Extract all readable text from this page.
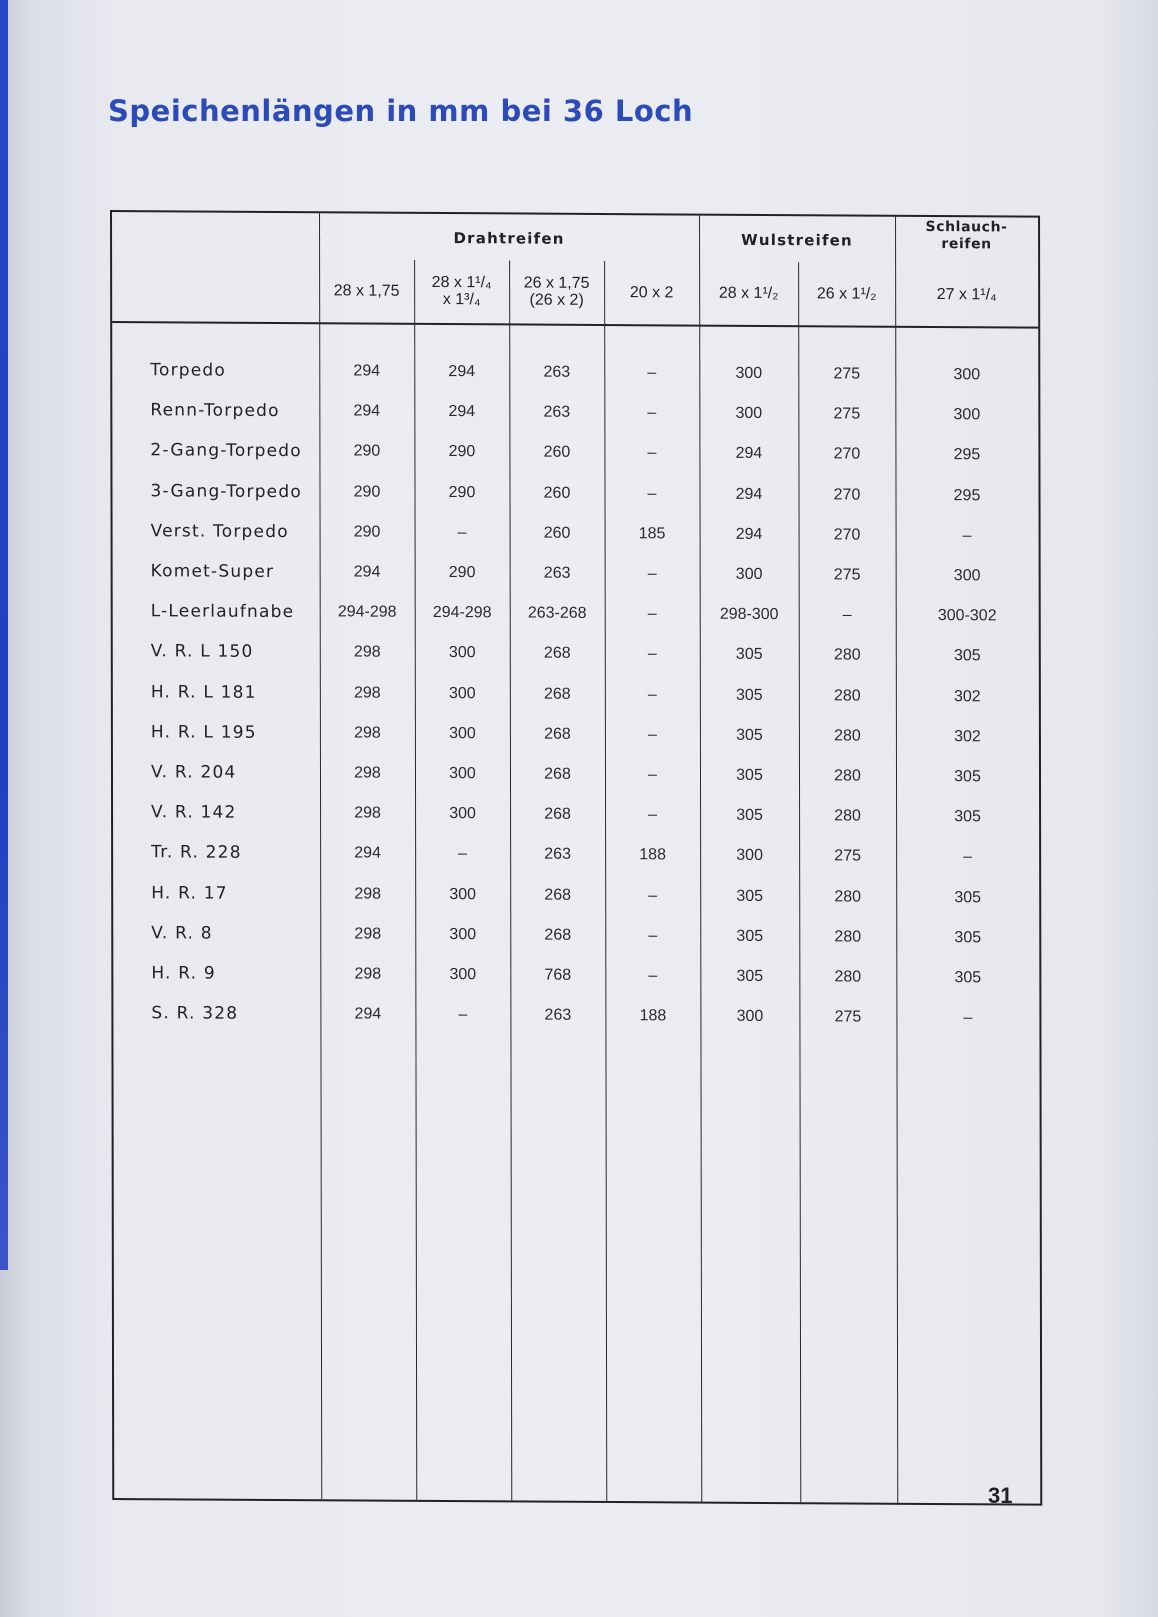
Speichenlängen in mm bei 36 Loch
Drahtreifen	Wulstreifen
Schlauch-
reifen
28 x 1,75	28 x 1¹/₄
x 1³/₄
26 x 1,75
(26 x 2)	20 x 2	28 x 1¹/₂	26 x 1¹/₂	27 x 1¹/₄
Torpedo	294	294	263	–	300	275	300
Renn-Torpedo	294	294	263	–	300	275	300
2-Gang-Torpedo	290	290	260	–	294	270	295
3-Gang-Torpedo	290	290	260	–	294	270	295
Verst. Torpedo	290	–	260	185	294	270	–
Komet-Super	294	290	263	–	300	275	300
L-Leerlaufnabe	294-298	294-298	263-268	–	298-300	–	300-302
V. R. L 150	298	300	268	–	305	280	305
H. R. L 181	298	300	268	–	305	280	302
H. R. L 195	298	300	268	–	305	280	302
V. R. 204	298	300	268	–	305	280	305
V. R. 142	298	300	268	–	305	280	305
Tr. R. 228	294	–	263	188	300	275	–
H. R. 17	298	300	268	–	305	280	305
V. R. 8	298	300	268	–	305	280	305
H. R. 9	298	300	768	–	305	280	305
S. R. 328	294	–	263	188	300	275	–
31
